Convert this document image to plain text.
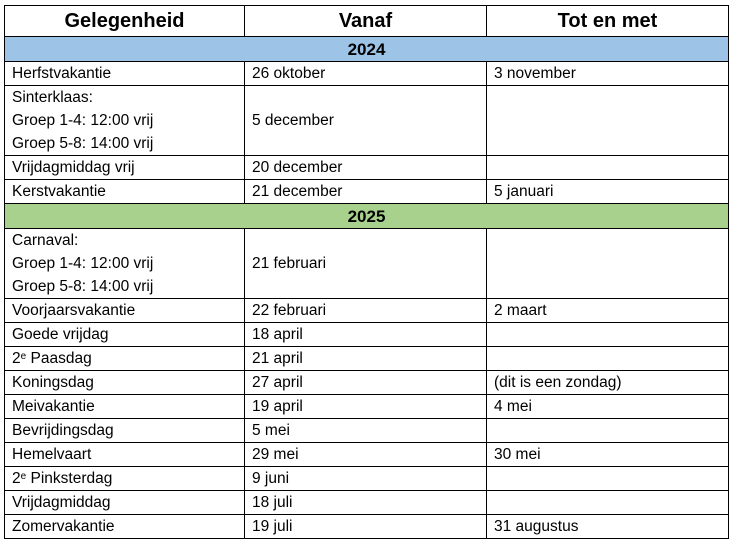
Gelegenheid	Vanaf	Tot en met
2024		
Herfstvakantie	26 oktober	3 november

Sinterklaas:
Groep 1-4: 12:00 vrij
Groep 5-8: 14:00 vrij	5 december	
Vrijdagmiddag vrij	20 december	
Kerstvakantie	21 december	5 januari
2025		

Carnaval:
Groep 1-4: 12:00 vrij
Groep 5-8: 14:00 vrij	21 februari	
Voorjaarsvakantie	22 februari	2 maart
Goede vrijdag	18 april	
2e Paasdag	21 april	
Koningsdag	27 april	(dit is een zondag)
Meivakantie	19 april	4 mei
Bevrijdingsdag	5 mei	
Hemelvaart	29 mei	30 mei
2e Pinksterdag	9 juni	
Vrijdagmiddag	18 juli	
Zomervakantie	19 juli	31 augustus
